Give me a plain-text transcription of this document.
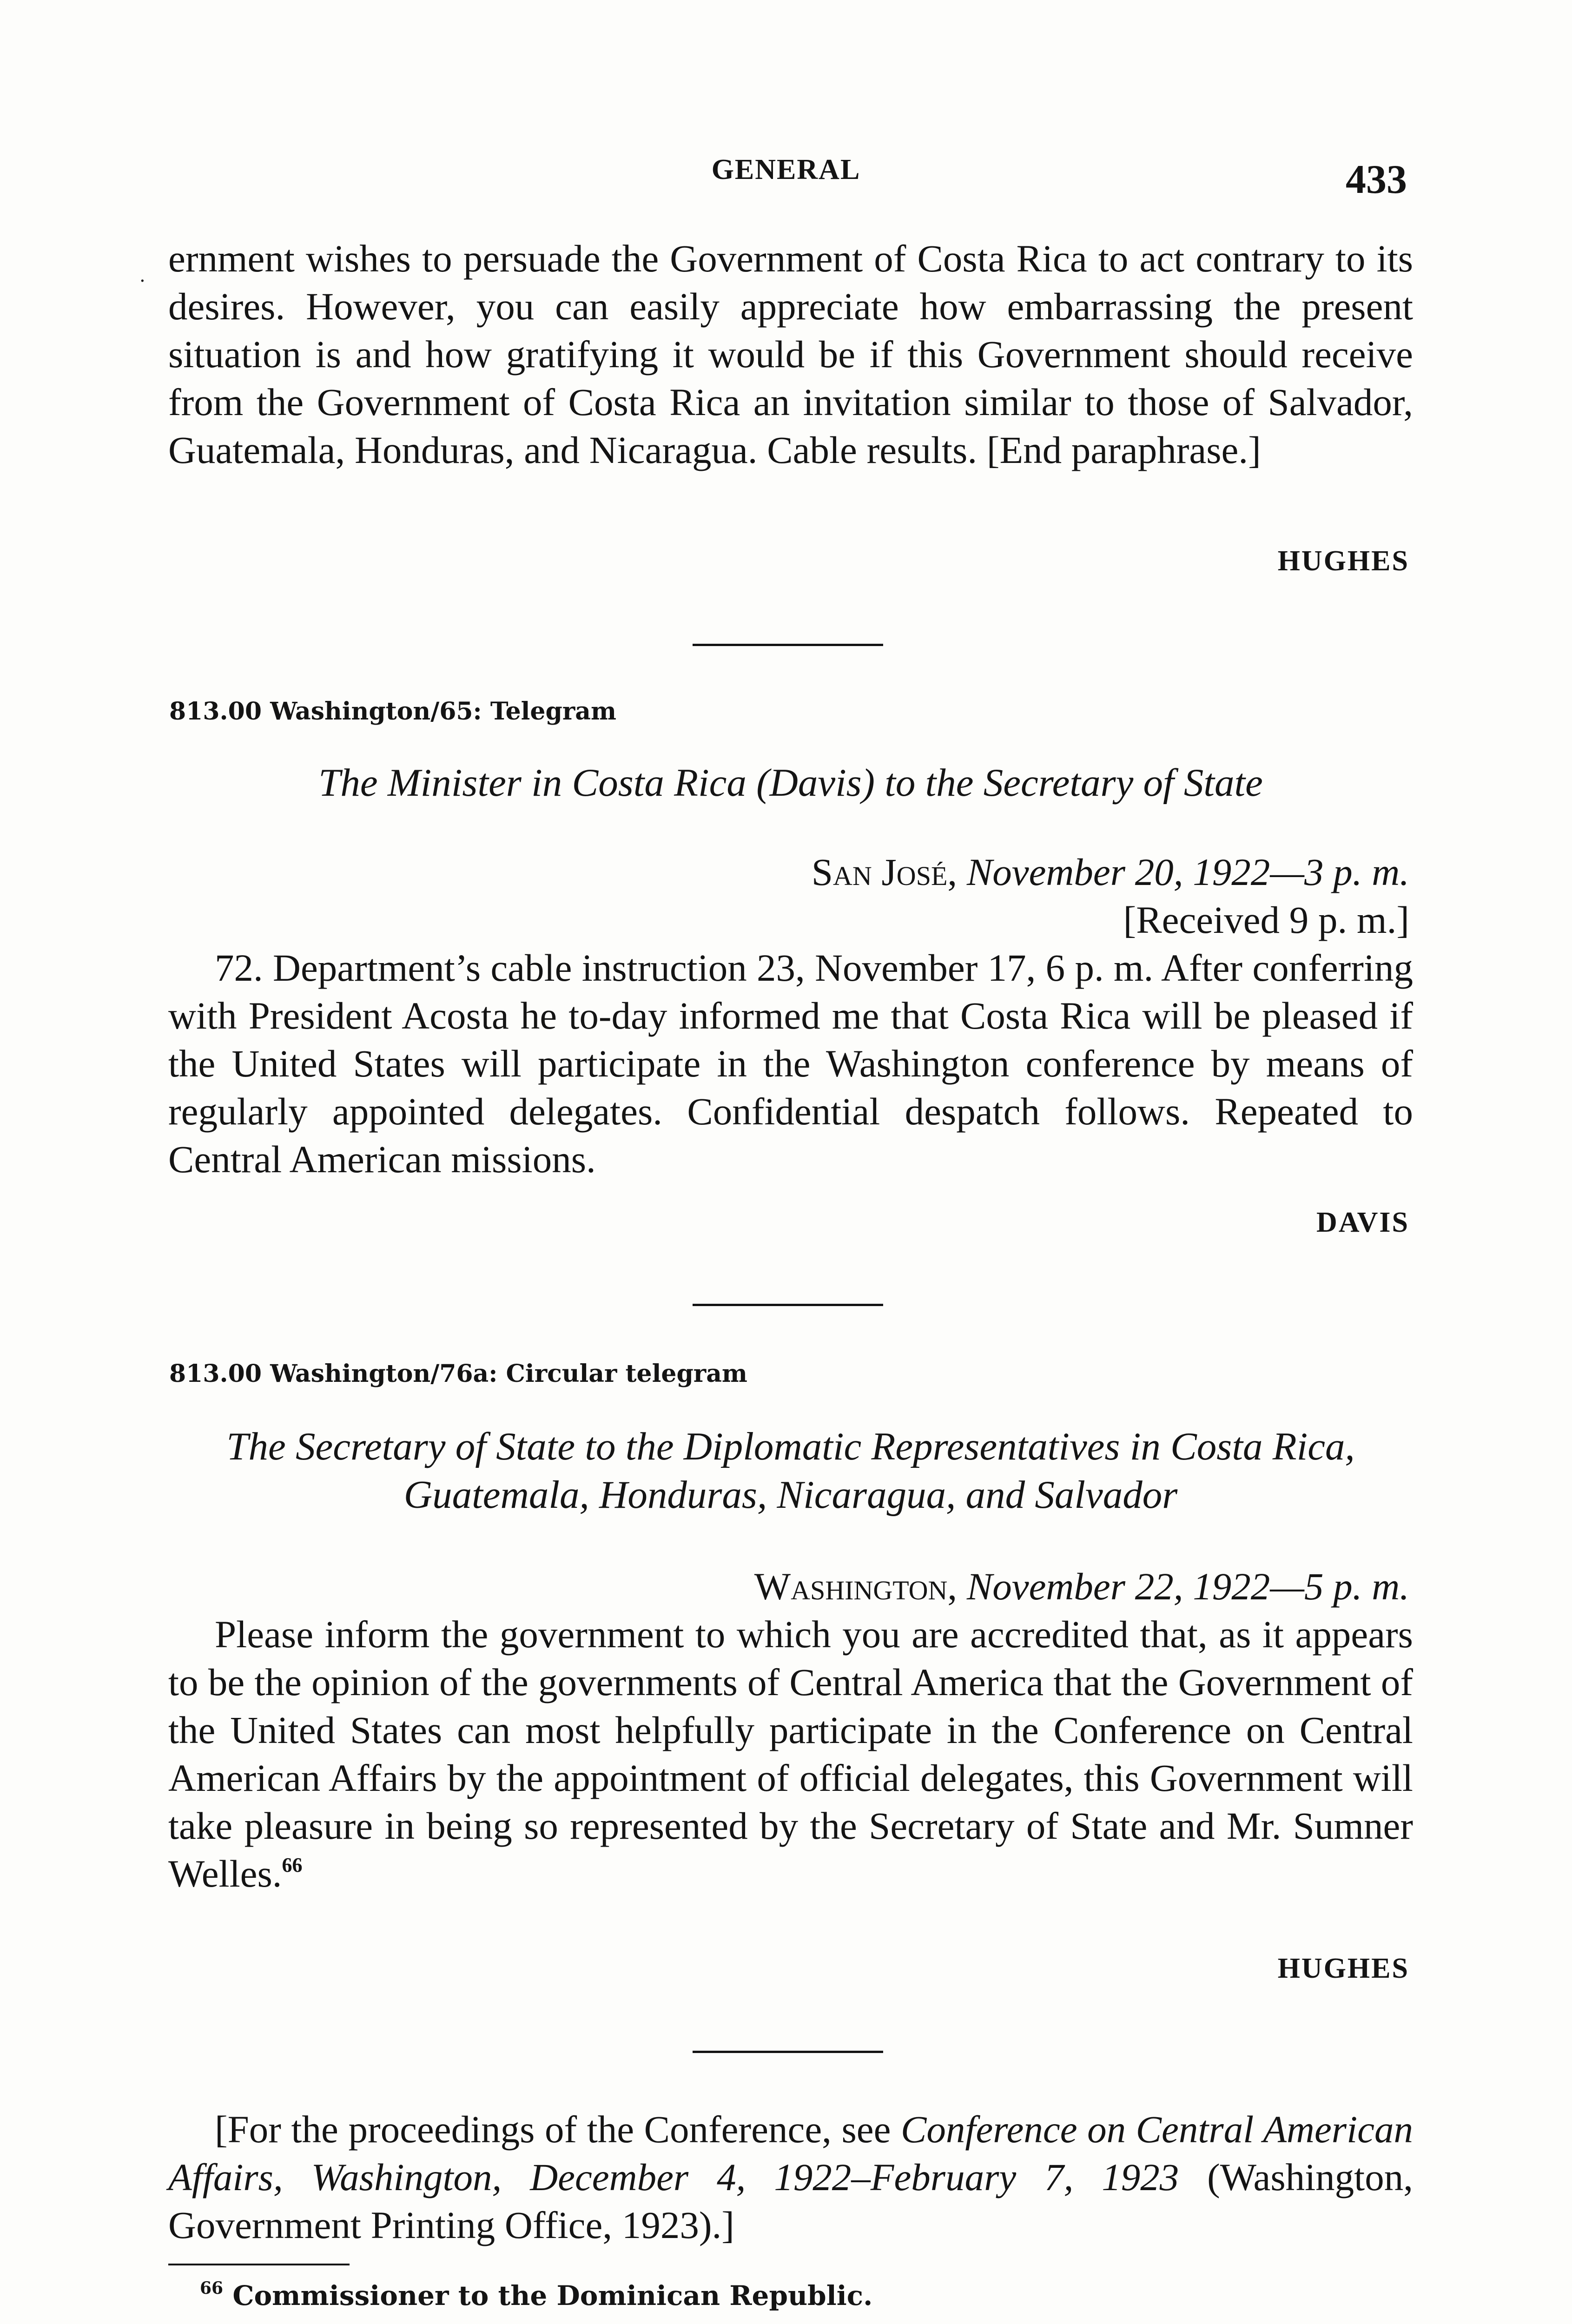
.
GENERAL	433

ernment wishes to persuade the Government of Costa Rica to act contrary to its desires. However, you can easily appreciate how embarrassing the present situation is and how gratifying it would be if this Government should receive from the Government of Costa Rica an invitation similar to those of Salvador, Guatemala, Honduras, and Nicaragua. Cable results. [End paraphrase.]

HUGHES
813.00 Washington/65: Telegram

The Minister in Costa Rica (Davis) to the Secretary of State

San José, November 20, 1922—3 p. m.
[Received 9 p. m.]

72. Department’s cable instruction 23, November 17, 6 p. m. After conferring with President Acosta he to-day informed me that Costa Rica will be pleased if the United States will participate in the Washington conference by means of regularly appointed delegates. Confidential despatch follows. Repeated to Central American missions.

DAVIS
813.00 Washington/76a: Circular telegram

The Secretary of State to the Diplomatic Representatives in Costa Rica, Guatemala, Honduras, Nicaragua, and Salvador

Washington, November 22, 1922—5 p. m.

Please inform the government to which you are accredited that, as it appears to be the opinion of the governments of Central America that the Government of the United States can most helpfully participate in the Conference on Central American Affairs by the appointment of official delegates, this Government will take pleasure in being so represented by the Secretary of State and Mr. Sumner Welles.$^{66}$

HUGHES

[For the proceedings of the Conference, see Conference on Central American Affairs, Washington, December 4, 1922–February 7, 1923 (Washington, Government Printing Office, 1923).]

$^{66}$ Commissioner to the Dominican Republic.
